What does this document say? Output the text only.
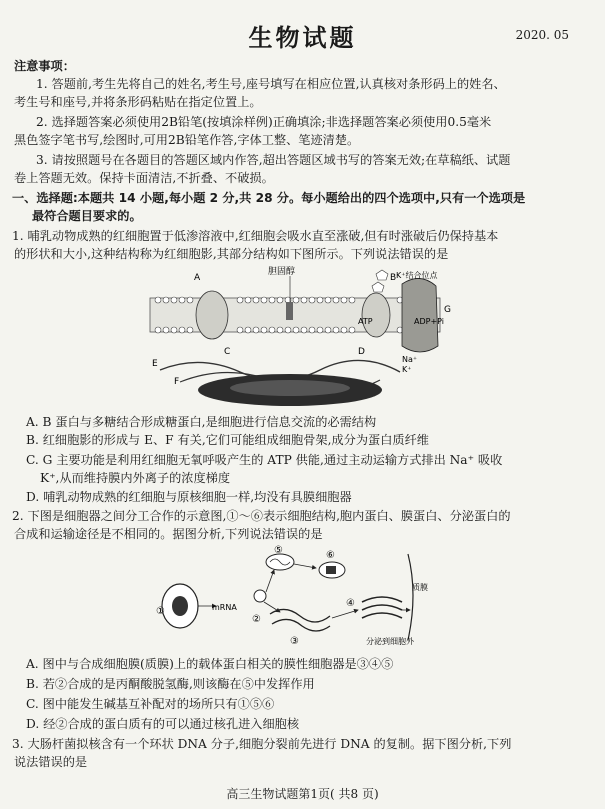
生物试题	2020. 05
注意事项：
1. 答题前,考生先将自己的姓名,考生号,座号填写在相应位置,认真核对条形码上的姓名、
考生号和座号,并将条形码粘贴在指定位置上。
2. 选择题答案必须使用2B铅笔(按填涂样例)正确填涂;非选择题答案必须使用0.5毫米
黑色签字笔书写,绘图时,可用2B铅笔作答,字体工整、笔迹清楚。
3. 请按照题号在各题目的答题区域内作答,超出答题区域书写的答案无效;在草稿纸、试题
卷上答题无效。保持卡面清洁,不折叠、不破损。
一、选择题:本题共 14 小题,每小题 2 分,共 28 分。每小题给出的四个选项中,只有一个选项是
最符合题目要求的。
1. 哺乳动物成熟的红细胞置于低渗溶液中,红细胞会吸水直至涨破,但有时涨破后仍保持基本
的形状和大小,这种结构称为红细胞影,其部分结构如下图所示。下列说法错误的是
胆固醇
A	B
C	D
E
F
G
K⁺结合位点
ATP	ADP+Pi
Na⁺
K⁺
A. B 蛋白与多糖结合形成糖蛋白,是细胞进行信息交流的必需结构
B. 红细胞影的形成与 E、F 有关,它们可能组成细胞骨架,成分为蛋白质纤维
C. G 主要功能是利用红细胞无氧呼吸产生的 ATP 供能,通过主动运输方式排出 Na⁺ 吸收
K⁺,从而维持膜内外离子的浓度梯度
D. 哺乳动物成熟的红细胞与原核细胞一样,均没有具膜细胞器
2. 下图是细胞器之间分工合作的示意图,①～⑥表示细胞结构,胞内蛋白、膜蛋白、分泌蛋白的
合成和运输途径是不相同的。据图分析,下列说法错误的是
①	mRNA
②
⑤	⑥
③
④
质膜
分泌到细胞外
A. 图中与合成细胞膜(质膜)上的载体蛋白相关的膜性细胞器是③④⑤
B. 若②合成的是丙酮酸脱氢酶,则该酶在⑤中发挥作用
C. 图中能发生碱基互补配对的场所只有①⑤⑥
D. 经②合成的蛋白质有的可以通过核孔进入细胞核
3. 大肠杆菌拟核含有一个环状 DNA 分子,细胞分裂前先进行 DNA 的复制。据下图分析,下列
说法错误的是
高三生物试题第1页( 共8 页)
